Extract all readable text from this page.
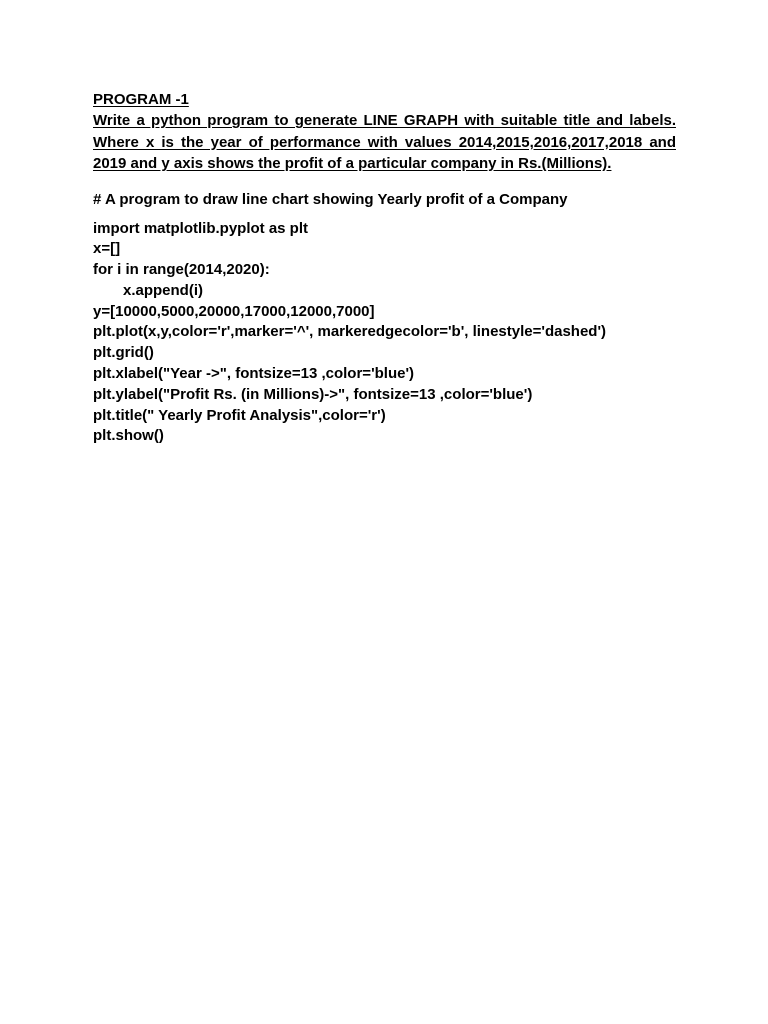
PROGRAM -1

Write a python program to generate LINE GRAPH with suitable title and labels. Where x is the year of performance with values 2014,2015,2016,2017,2018 and 2019 and y axis shows the profit of a particular company in Rs.(Millions).

# A program to draw line chart showing Yearly profit of a Company

import matplotlib.pyplot as plt

x=[]

for i in range(2014,2020):

x.append(i)

y=[10000,5000,20000,17000,12000,7000]

plt.plot(x,y,color='r',marker='^', markeredgecolor='b', linestyle='dashed')

plt.grid()

plt.xlabel("Year ->", fontsize=13 ,color='blue')

plt.ylabel("Profit Rs. (in Millions)->", fontsize=13 ,color='blue')

plt.title(" Yearly Profit Analysis",color='r')

plt.show()
